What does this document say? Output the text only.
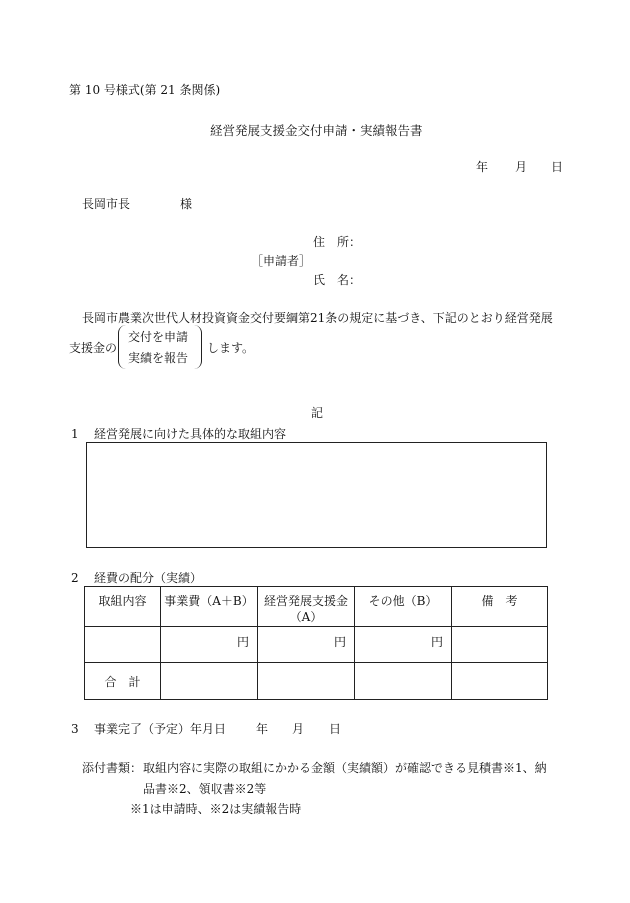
第 10 号様式(第 21 条関係)
経営発展支援金交付申請・実績報告書
年 月 日
長岡市長	様
住　所：
［申請者］
氏　名：
長岡市農業次世代人材投資資金交付要綱第21条の規定に基づき、下記のとおり経営発展
支援金の
交付を申請
実績を報告
します。
記
1 経営発展に向けた具体的な取組内容
2 経費の配分（実績）
取組内容	事業費（A＋B）	経営発展支援金（A）	その他（B）	備　考
	円	円	円	
合　計				
3 事業完了（予定）年月日 年 月 日
添付書類： 取組内容に実際の取組にかかる金額（実績額）が確認できる見積書※1、納
品書※2、領収書※2等
※1は申請時、※2は実績報告時
